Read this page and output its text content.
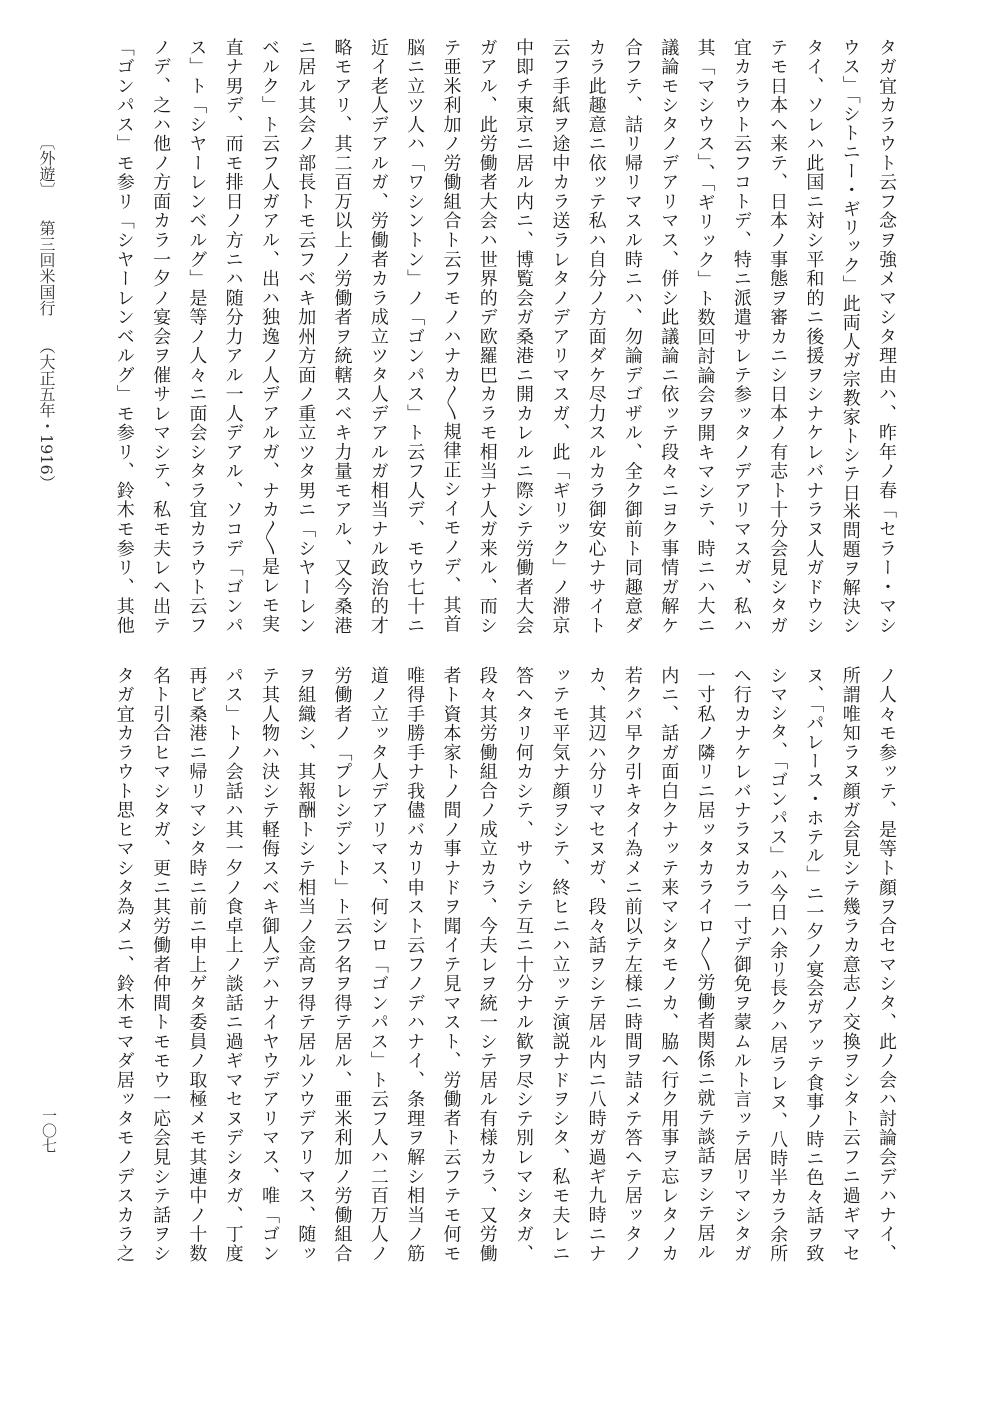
〔外遊〕第三回米国行（大正五年・1916）	タガ宜カラウト云フ念ヲ強メマシタ理由ハ、昨年ノ春「セラー・マシ
ウス」「シトニー・ギリック」此両人ガ宗教家トシテ日米問題ヲ解決シ
タイ、ソレハ此国ニ対シ平和的ニ後援ヲシナケレバナラヌ人ガドウシ
テモ日本ヘ来テ、日本ノ事態ヲ審カニシ日本ノ有志ト十分会見シタガ
宜カラウト云フコトデ、特ニ派遣サレテ参ッタノデアリマスガ、私ハ
其「マシウス」、「ギリック」ト数回討論会ヲ開キマシテ、時ニハ大ニ
議論モシタノデアリマス、併シ此議論ニ依ッテ段々ニヨク事情ガ解ケ
合フテ、詰リ帰リマスル時ニハ、勿論デゴザル、全ク御前ト同趣意ダ
カラ此趣意ニ依ッテ私ハ自分ノ方面ダケ尽力スルカラ御安心ナサイト
云フ手紙ヲ途中カラ送ラレタノデアリマスガ、此「ギリック」ノ滞京
中即チ東京ニ居ル内ニ、博覧会ガ桑港ニ開カレルニ際シテ労働者大会
ガアル、此労働者大会ハ世界的デ欧羅巴カラモ相当ナ人ガ来ル、而シ
テ亜米利加ノ労働組合ト云フモノハナカ〳〵規律正シイモノデ、其首
脳ニ立ツ人ハ「ワシントン」ノ「ゴンパス」ト云フ人デ、モウ七十ニ
近イ老人デアルガ、労働者カラ成立ツタ人デアルガ相当ナル政治的才
略モアリ、其二百万以上ノ労働者ヲ統轄スベキ力量モアル、又今桑港
ニ居ル其会ノ部長トモ云フベキ加州方面ノ重立ツタ男ニ「シヤーレン
ベルク」ト云フ人ガアル、出ハ独逸ノ人デアルガ、ナカ〳〵是レモ実
直ナ男デ、而モ排日ノ方ニハ随分力アル一人デアル、ソコデ「ゴンパ
ス」ト「シヤーレンベルグ」是等ノ人々ニ面会シタラ宜カラウト云フ
ノデ、之ハ他ノ方面カラ一夕ノ宴会ヲ催サレマシテ、私モ夫レヘ出テ
「ゴンパス」モ参リ「シヤーレンベルグ」モ参リ、鈴木モ参リ、其他
ノ人々モ参ッテ、是等ト顔ヲ合セマシタ、此ノ会ハ討論会デハナイ、
所謂唯知ラヌ顔ガ会見シテ幾ラカ意志ノ交換ヲシタト云フニ過ギマセ
ヌ、「パレース・ホテル」ニ一夕ノ宴会ガアッテ食事ノ時ニ色々話ヲ致
シマシタ、「ゴンパス」ハ今日ハ余リ長クハ居ラレヌ、八時半カラ余所
ヘ行カナケレバナラヌカラ一寸デ御免ヲ蒙ムルト言ッテ居リマシタガ
一寸私ノ隣リニ居ッタカライロ〳〵労働者関係ニ就テ談話ヲシテ居ル
内ニ、話ガ面白クナッテ来マシタモノカ、脇ヘ行ク用事ヲ忘レタノカ
若クバ早ク引キタイ為メニ前以テ左様ニ時間ヲ詰メテ答ヘテ居ッタノ
カ、其辺ハ分リマセヌガ、段々話ヲシテ居ル内ニ八時ガ過ギ九時ニナ
ッテモ平気ナ顔ヲシテ、終ヒニハ立ッテ演説ナドヲシタ、私モ夫レニ
答ヘタリ何カシテ、サウシテ互ニ十分ナル歓ヲ尽シテ別レマシタガ、
段々其労働組合ノ成立カラ、今夫レヲ統一シテ居ル有様カラ、又労働
者ト資本家トノ間ノ事ナドヲ聞イテ見マスト、労働者ト云フテモ何モ
唯得手勝手ナ我儘バカリ申スト云フノデハナイ、条理ヲ解シ相当ノ筋
道ノ立ッタ人デアリマス、何シロ「ゴンパス」ト云フ人ハ二百万人ノ
労働者ノ「プレシデント」ト云フ名ヲ得テ居ル、亜米利加ノ労働組合
ヲ組織シ、其報酬トシテ相当ノ金高ヲ得テ居ルソウデアリマス、随ッ
テ其人物ハ決シテ軽侮スベキ御人デハナイヤウデアリマス、唯「ゴン
パス」トノ会話ハ其一夕ノ食卓上ノ談話ニ過ギマセヌデシタガ、丁度
再ビ桑港ニ帰リマシタ時ニ前ニ申上ゲタ委員ノ取極メモ其連中ノ十数
名ト引合ヒマシタガ、更ニ其労働者仲間トモモウ一応会見シテ話ヲシ
タガ宜カラウト思ヒマシタ為メニ、鈴木モマダ居ッタモノデスカラ之
一〇七
